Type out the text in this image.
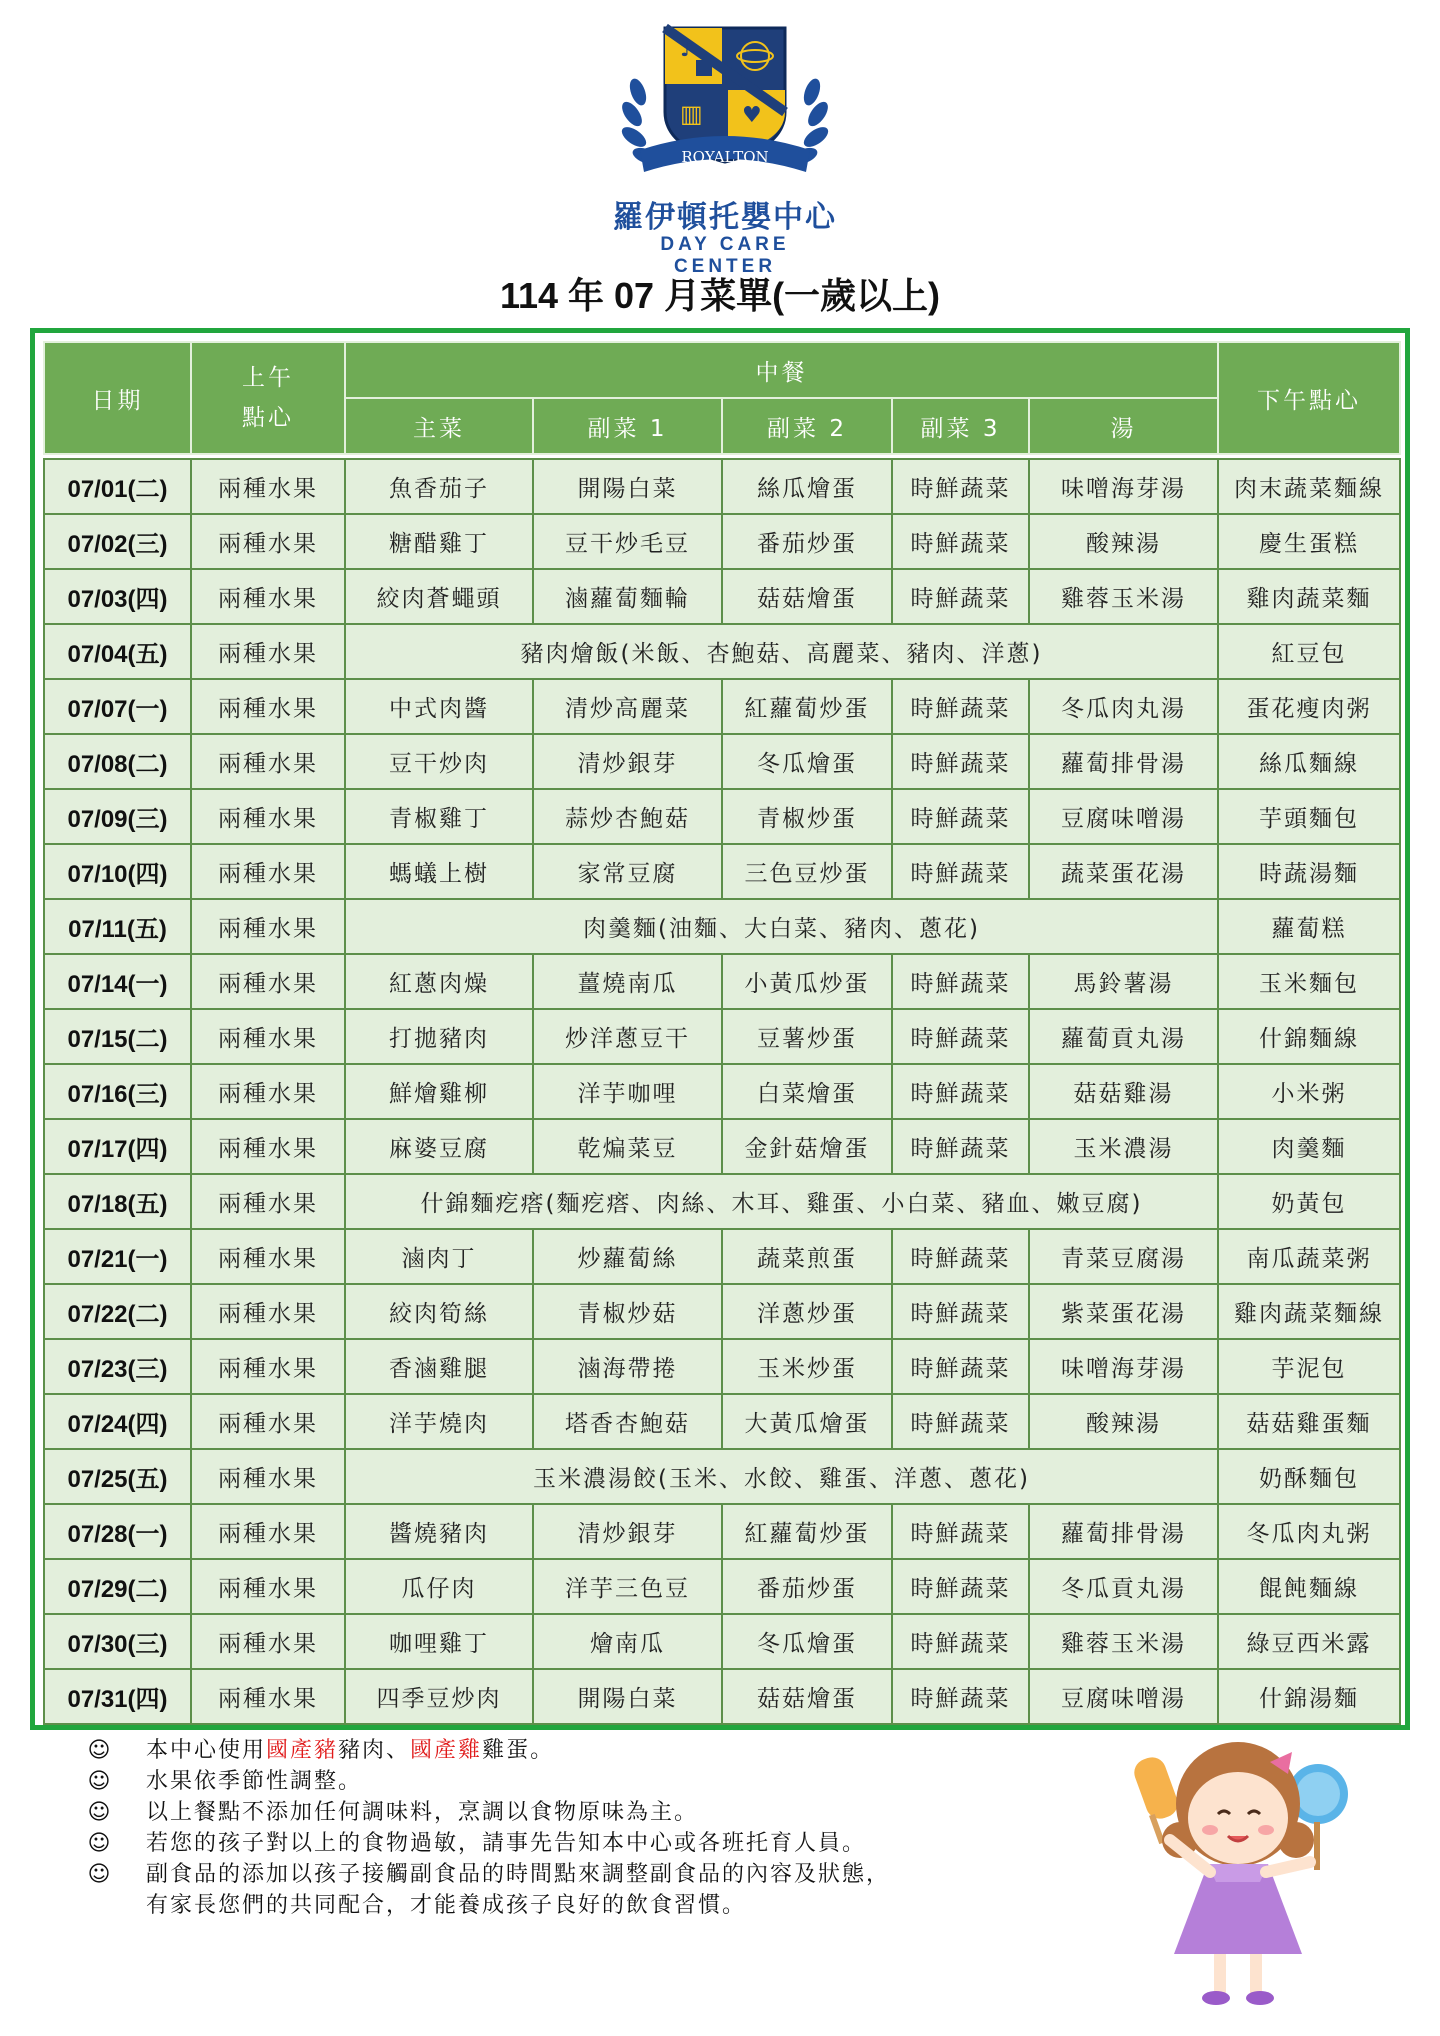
♪
▥ ♥
ROYALTON
羅伊頓托嬰中心
DAY CARE CENTER
114 年 07 月菜單(一歲以上)
日期	上午點心	中餐					下午點心
		主菜	副菜 1	副菜 2	副菜 3	湯	
07/01(二)	兩種水果	魚香茄子	開陽白菜	絲瓜燴蛋	時鮮蔬菜	味噌海芽湯	肉末蔬菜麵線
07/02(三)	兩種水果	糖醋雞丁	豆干炒毛豆	番茄炒蛋	時鮮蔬菜	酸辣湯	慶生蛋糕
07/03(四)	兩種水果	絞肉蒼蠅頭	滷蘿蔔麵輪	菇菇燴蛋	時鮮蔬菜	雞蓉玉米湯	雞肉蔬菜麵
07/04(五)	兩種水果	豬肉燴飯(米飯、杏鮑菇、高麗菜、豬肉、洋蔥)					紅豆包
07/07(一)	兩種水果	中式肉醬	清炒高麗菜	紅蘿蔔炒蛋	時鮮蔬菜	冬瓜肉丸湯	蛋花瘦肉粥
07/08(二)	兩種水果	豆干炒肉	清炒銀芽	冬瓜燴蛋	時鮮蔬菜	蘿蔔排骨湯	絲瓜麵線
07/09(三)	兩種水果	青椒雞丁	蒜炒杏鮑菇	青椒炒蛋	時鮮蔬菜	豆腐味噌湯	芋頭麵包
07/10(四)	兩種水果	螞蟻上樹	家常豆腐	三色豆炒蛋	時鮮蔬菜	蔬菜蛋花湯	時蔬湯麵
07/11(五)	兩種水果	肉羹麵(油麵、大白菜、豬肉、蔥花)					蘿蔔糕
07/14(一)	兩種水果	紅蔥肉燥	薑燒南瓜	小黃瓜炒蛋	時鮮蔬菜	馬鈴薯湯	玉米麵包
07/15(二)	兩種水果	打拋豬肉	炒洋蔥豆干	豆薯炒蛋	時鮮蔬菜	蘿蔔貢丸湯	什錦麵線
07/16(三)	兩種水果	鮮燴雞柳	洋芋咖哩	白菜燴蛋	時鮮蔬菜	菇菇雞湯	小米粥
07/17(四)	兩種水果	麻婆豆腐	乾煸菜豆	金針菇燴蛋	時鮮蔬菜	玉米濃湯	肉羹麵
07/18(五)	兩種水果	什錦麵疙瘩(麵疙瘩、肉絲、木耳、雞蛋、小白菜、豬血、嫩豆腐)					奶黃包
07/21(一)	兩種水果	滷肉丁	炒蘿蔔絲	蔬菜煎蛋	時鮮蔬菜	青菜豆腐湯	南瓜蔬菜粥
07/22(二)	兩種水果	絞肉筍絲	青椒炒菇	洋蔥炒蛋	時鮮蔬菜	紫菜蛋花湯	雞肉蔬菜麵線
07/23(三)	兩種水果	香滷雞腿	滷海帶捲	玉米炒蛋	時鮮蔬菜	味噌海芽湯	芋泥包
07/24(四)	兩種水果	洋芋燒肉	塔香杏鮑菇	大黃瓜燴蛋	時鮮蔬菜	酸辣湯	菇菇雞蛋麵
07/25(五)	兩種水果	玉米濃湯餃(玉米、水餃、雞蛋、洋蔥、蔥花)					奶酥麵包
07/28(一)	兩種水果	醬燒豬肉	清炒銀芽	紅蘿蔔炒蛋	時鮮蔬菜	蘿蔔排骨湯	冬瓜肉丸粥
07/29(二)	兩種水果	瓜仔肉	洋芋三色豆	番茄炒蛋	時鮮蔬菜	冬瓜貢丸湯	餛飩麵線
07/30(三)	兩種水果	咖哩雞丁	燴南瓜	冬瓜燴蛋	時鮮蔬菜	雞蓉玉米湯	綠豆西米露
07/31(四)	兩種水果	四季豆炒肉	開陽白菜	菇菇燴蛋	時鮮蔬菜	豆腐味噌湯	什錦湯麵
☺ 本中心使用國產豬豬肉、國產雞雞蛋。
☺ 水果依季節性調整。
☺ 以上餐點不添加任何調味料，烹調以食物原味為主。
☺ 若您的孩子對以上的食物過敏，請事先告知本中心或各班托育人員。
☺ 副食品的添加以孩子接觸副食品的時間點來調整副食品的內容及狀態，
有家長您們的共同配合，才能養成孩子良好的飲食習慣。
